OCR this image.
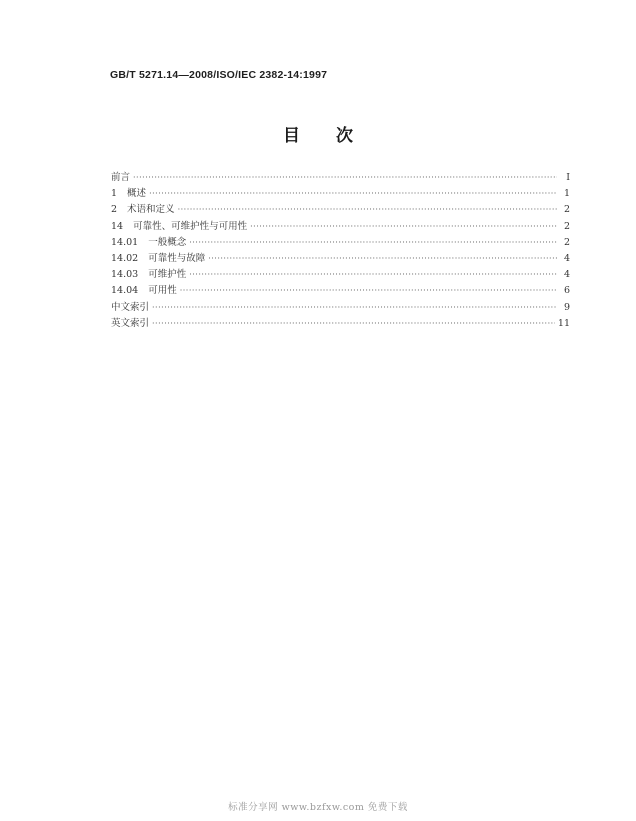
GB/T 5271.14—2008/ISO/IEC 2382-14:1997
目次
前言 ·····	Ⅰ
1 概述 ·····	1
2 术语和定义 ·····	2
14 可靠性、可维护性与可用性 ·····	2
14.01 一般概念 ·····	2
14.02 可靠性与故障 ·····	4
14.03 可维护性 ·····	4
14.04 可用性 ·····	6
中文索引 ·····	9
英文索引 ·····	11
标准分享网 www.bzfxw.com 免费下载
